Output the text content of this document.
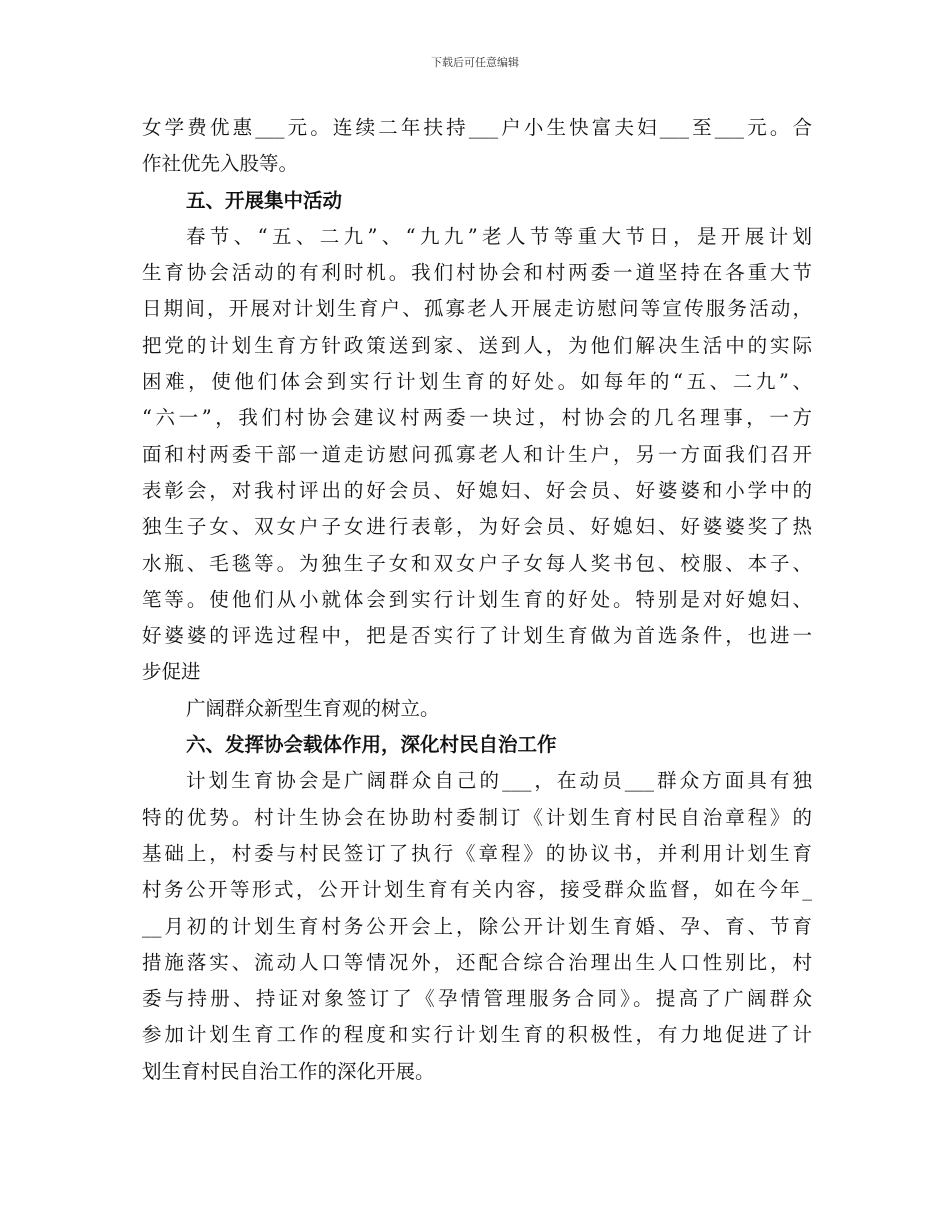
下载后可任意编辑
女学费优惠___元。连续二年扶持___户小生快富夫妇___至___元。合
作社优先入股等。
五、开展集中活动
春节、“五、二九”、“九九”老人节等重大节日，是开展计划
生育协会活动的有利时机。我们村协会和村两委一道坚持在各重大节
日期间，开展对计划生育户、孤寡老人开展走访慰问等宣传服务活动，
把党的计划生育方针政策送到家、送到人，为他们解决生活中的实际
困难，使他们体会到实行计划生育的好处。如每年的“五、二九”、
“六一”，我们村协会建议村两委一块过，村协会的几名理事，一方
面和村两委干部一道走访慰问孤寡老人和计生户，另一方面我们召开
表彰会，对我村评出的好会员、好媳妇、好会员、好婆婆和小学中的
独生子女、双女户子女进行表彰，为好会员、好媳妇、好婆婆奖了热
水瓶、毛毯等。为独生子女和双女户子女每人奖书包、校服、本子、
笔等。使他们从小就体会到实行计划生育的好处。特别是对好媳妇、
好婆婆的评选过程中，把是否实行了计划生育做为首选条件，也进一
步促进
广阔群众新型生育观的树立。
六、发挥协会载体作用，深化村民自治工作
计划生育协会是广阔群众自己的___，在动员___群众方面具有独
特的优势。村计生协会在协助村委制订《计划生育村民自治章程》的
基础上，村委与村民签订了执行《章程》的协议书，并利用计划生育
村务公开等形式，公开计划生育有关内容，接受群众监督，如在今年_
__月初的计划生育村务公开会上，除公开计划生育婚、孕、育、节育
措施落实、流动人口等情况外，还配合综合治理出生人口性别比，村
委与持册、持证对象签订了《孕情管理服务合同》。提高了广阔群众
参加计划生育工作的程度和实行计划生育的积极性，有力地促进了计
划生育村民自治工作的深化开展。
